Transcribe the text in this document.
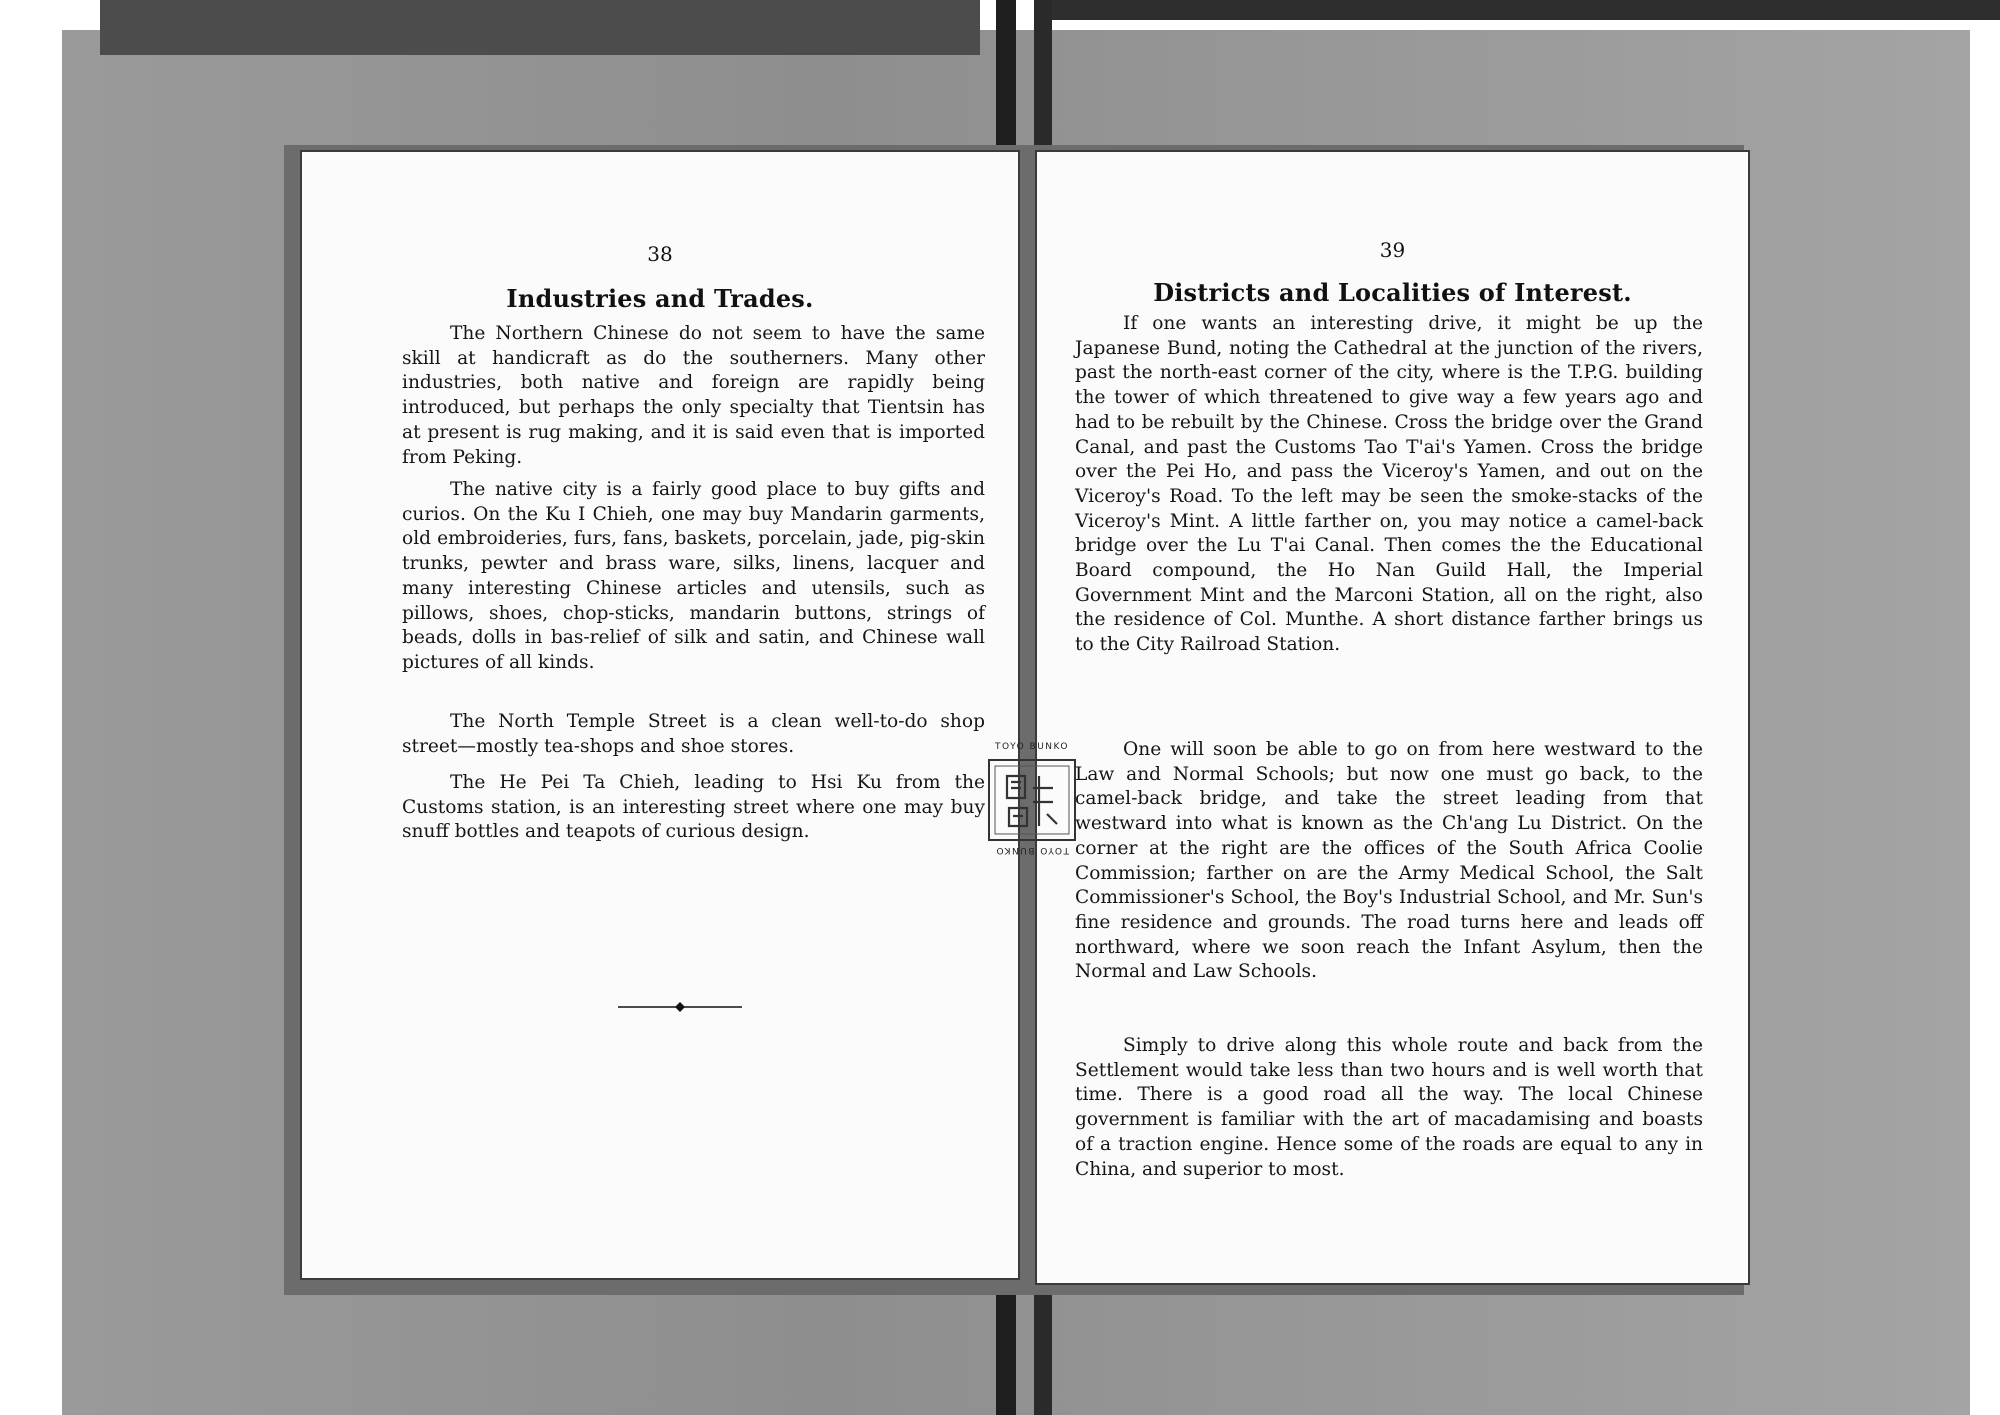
38
Industries and Trades.

The Northern Chinese do not seem to have the same skill at handicraft as do the southerners. Many other industries, both native and foreign are rapidly being introduced, but perhaps the only specialty that Tientsin has at present is rug making, and it is said even that is imported from Peking.

The native city is a fairly good place to buy gifts and curios. On the Ku I Chieh, one may buy Mandarin garments, old embroideries, furs, fans, baskets, porcelain, jade, pig-skin trunks, pewter and brass ware, silks, linens, lacquer and many interesting Chinese articles and utensils, such as pillows, shoes, chop-sticks, mandarin buttons, strings of beads, dolls in bas-relief of silk and satin, and Chinese wall pictures of all kinds.

The North Temple Street is a clean well-to-do shop street—mostly tea-shops and shoe stores.

The He Pei Ta Chieh, leading to Hsi Ku from the Customs station, is an interesting street where one may buy snuff bottles and teapots of curious design.

39
Districts and Localities of Interest.

If one wants an interesting drive, it might be up the Japanese Bund, noting the Cathedral at the junction of the rivers, past the north-east corner of the city, where is the T.P.G. building the tower of which threatened to give way a few years ago and had to be rebuilt by the Chinese. Cross the bridge over the Grand Canal, and past the Customs Tao T'ai's Yamen. Cross the bridge over the Pei Ho, and pass the Viceroy's Yamen, and out on the Viceroy's Road. To the left may be seen the smoke-stacks of the Viceroy's Mint. A little farther on, you may notice a camel-back bridge over the Lu T'ai Canal. Then comes the the Educational Board compound, the Ho Nan Guild Hall, the Imperial Government Mint and the Marconi Station, all on the right, also the residence of Col. Munthe. A short distance farther brings us to the City Railroad Station.

One will soon be able to go on from here westward to the Law and Normal Schools; but now one must go back, to the camel-back bridge, and take the street leading from that westward into what is known as the Ch'ang Lu District. On the corner at the right are the offices of the South Africa Coolie Commission; farther on are the Army Medical School, the Salt Commissioner's School, the Boy's Industrial School, and Mr. Sun's fine residence and grounds. The road turns here and leads off northward, where we soon reach the Infant Asylum, then the Normal and Law Schools.

Simply to drive along this whole route and back from the Settlement would take less than two hours and is well worth that time. There is a good road all the way. The local Chinese government is familiar with the art of macadamising and boasts of a traction engine. Hence some of the roads are equal to any in China, and superior to most.

TOYO BUNKO
TOYO BUNKO
